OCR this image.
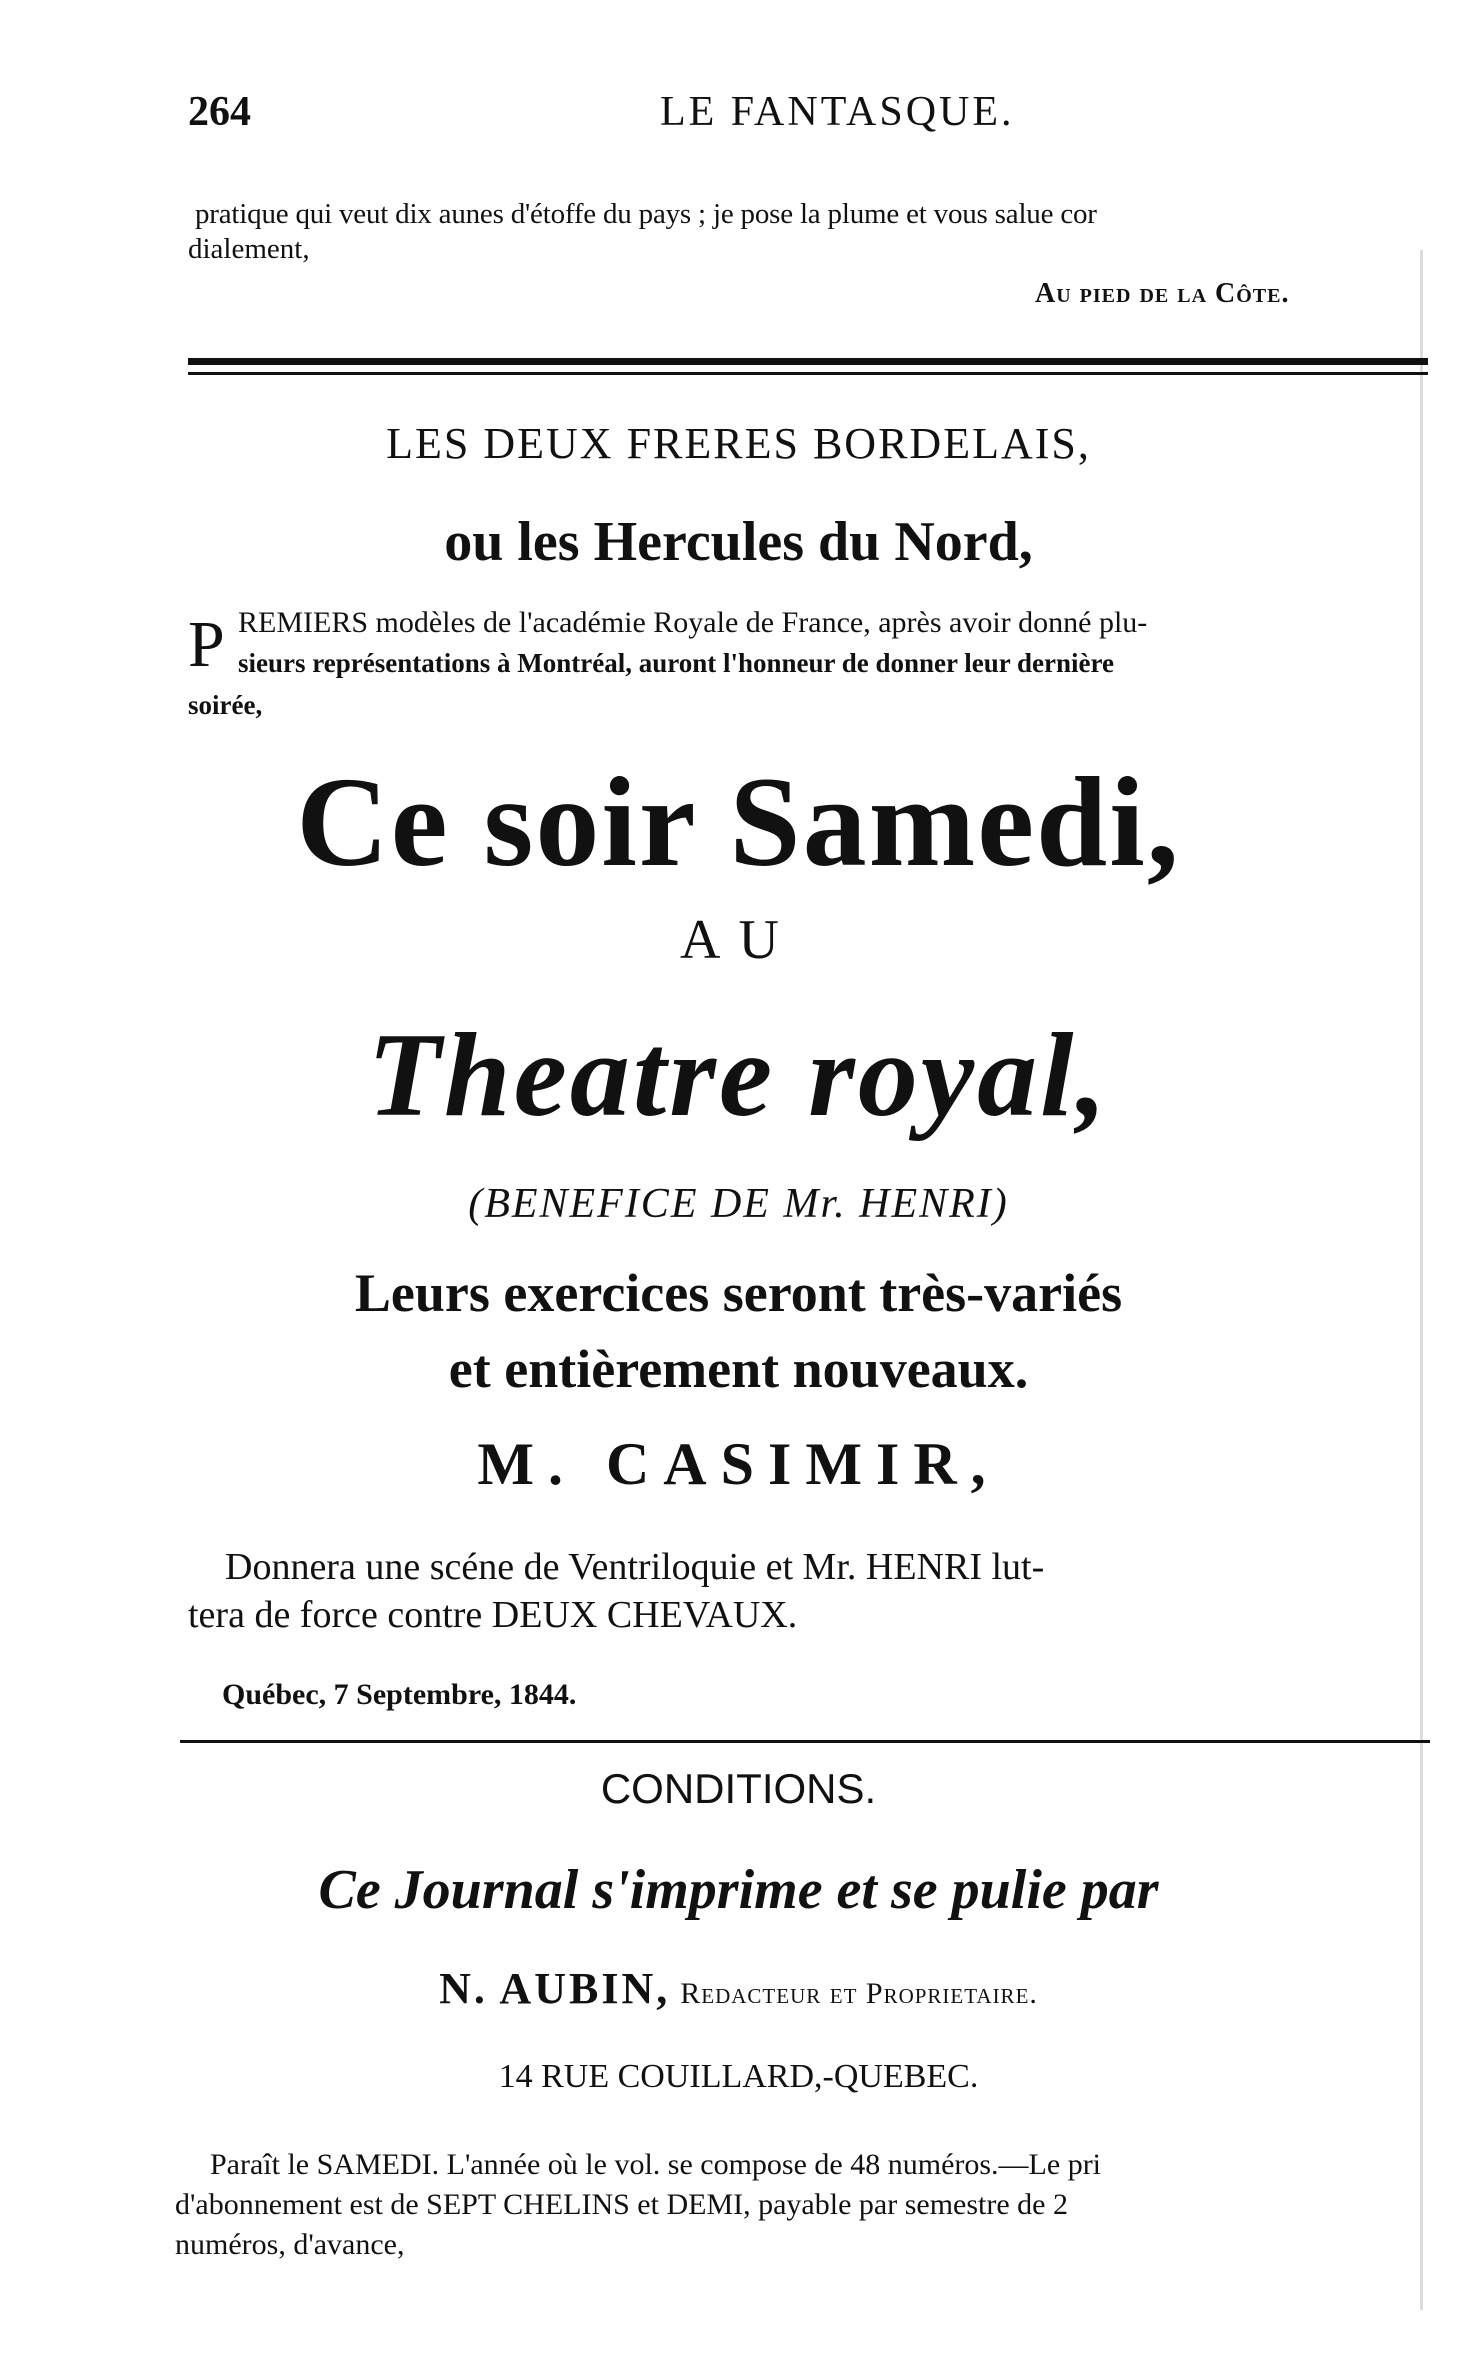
264	LE FANTASQUE.
pratique qui veut dix aunes d'étoffe du pays ; je pose la plume et vous salue cor
dialement,
Au pied de la Côte.
LES DEUX FRERES BORDELAIS,
ou les Hercules du Nord,
P REMIERS modèles de l'académie Royale de France, après avoir donné plu-
sieurs représentations à Montréal, auront l'honneur de donner leur dernière
soirée,
Ce soir Samedi,
AU
Theatre royal,
(BENEFICE DE Mr. HENRI)
Leurs exercices seront très-variés
et entièrement nouveaux.
M. CASIMIR,
Donnera une scéne de Ventriloquie et Mr. HENRI lut-
tera de force contre DEUX CHEVAUX.
Québec, 7 Septembre, 1844.
CONDITIONS.
Ce Journal s'imprime et se pulie par
N. AUBIN, Redacteur et Proprietaire.
14 RUE COUILLARD,-QUEBEC.
Paraît le SAMEDI. L'année où le vol. se compose de 48 numéros.—Le pri
d'abonnement est de SEPT CHELINS et DEMI, payable par semestre de 2
numéros, d'avance,
